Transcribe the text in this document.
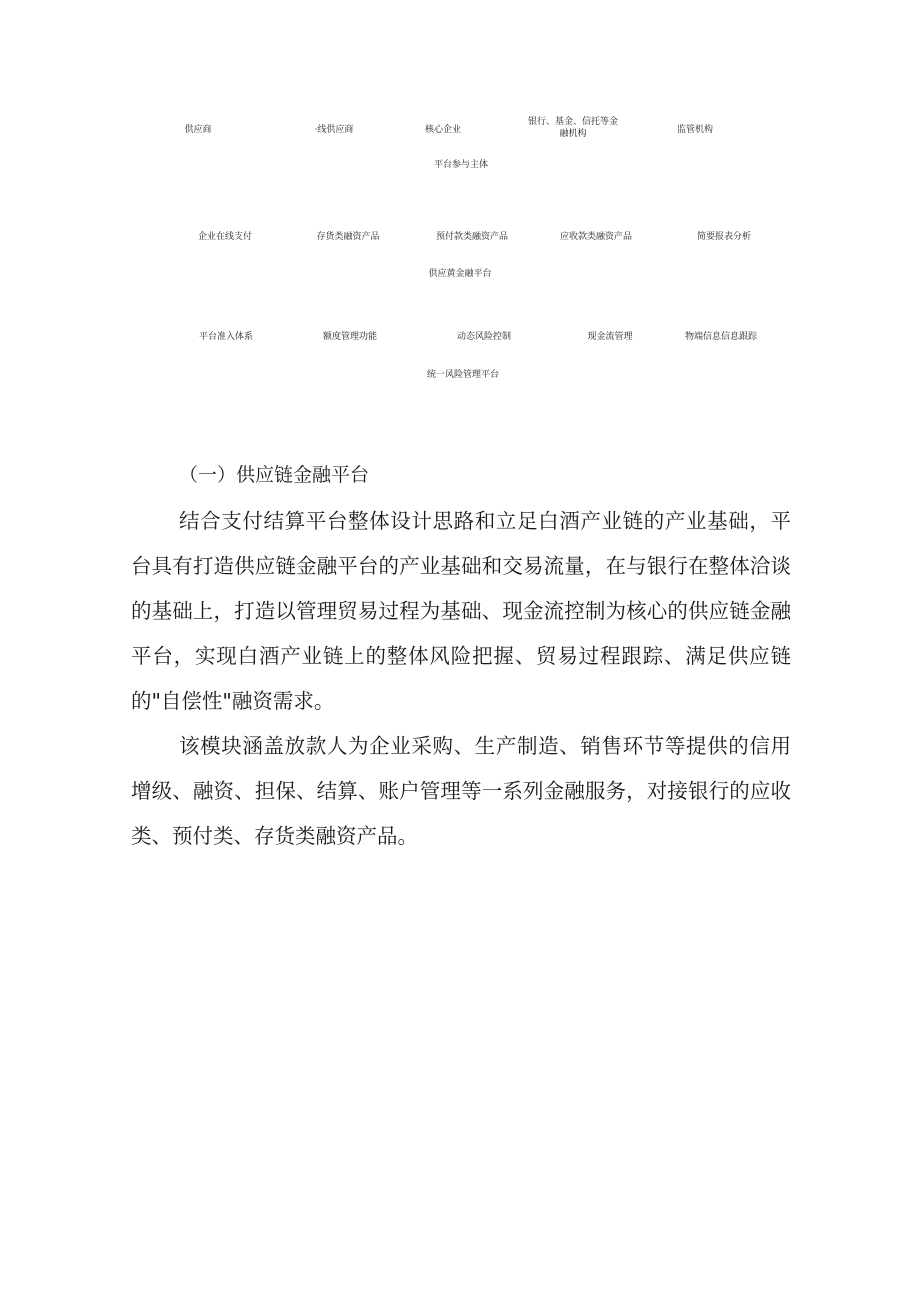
供应商	·线供应商	核心企业
银行、基金、信托等金融机构	监管机构
平台参与主体
企业在线支付	存货类融资产品	预付款类融资产品	应收款类融资产品	简要报表分析
供应黄金融平台
平台准入体系	额度管理功能	动态风险控制	现金流管理	物端信息信息跟踪
统一风险管理平台
（一）供应链金融平台

结合支付结算平台整体设计思路和立足白酒产业链的产业基础，平台具有打造供应链金融平台的产业基础和交易流量，在与银行在整体洽谈的基础上，打造以管理贸易过程为基础、现金流控制为核心的供应链金融平台，实现白酒产业链上的整体风险把握、贸易过程跟踪、满足供应链的"自偿性"融资需求。

该模块涵盖放款人为企业采购、生产制造、销售环节等提供的信用增级、融资、担保、结算、账户管理等一系列金融服务，对接银行的应收类、预付类、存货类融资产品。
